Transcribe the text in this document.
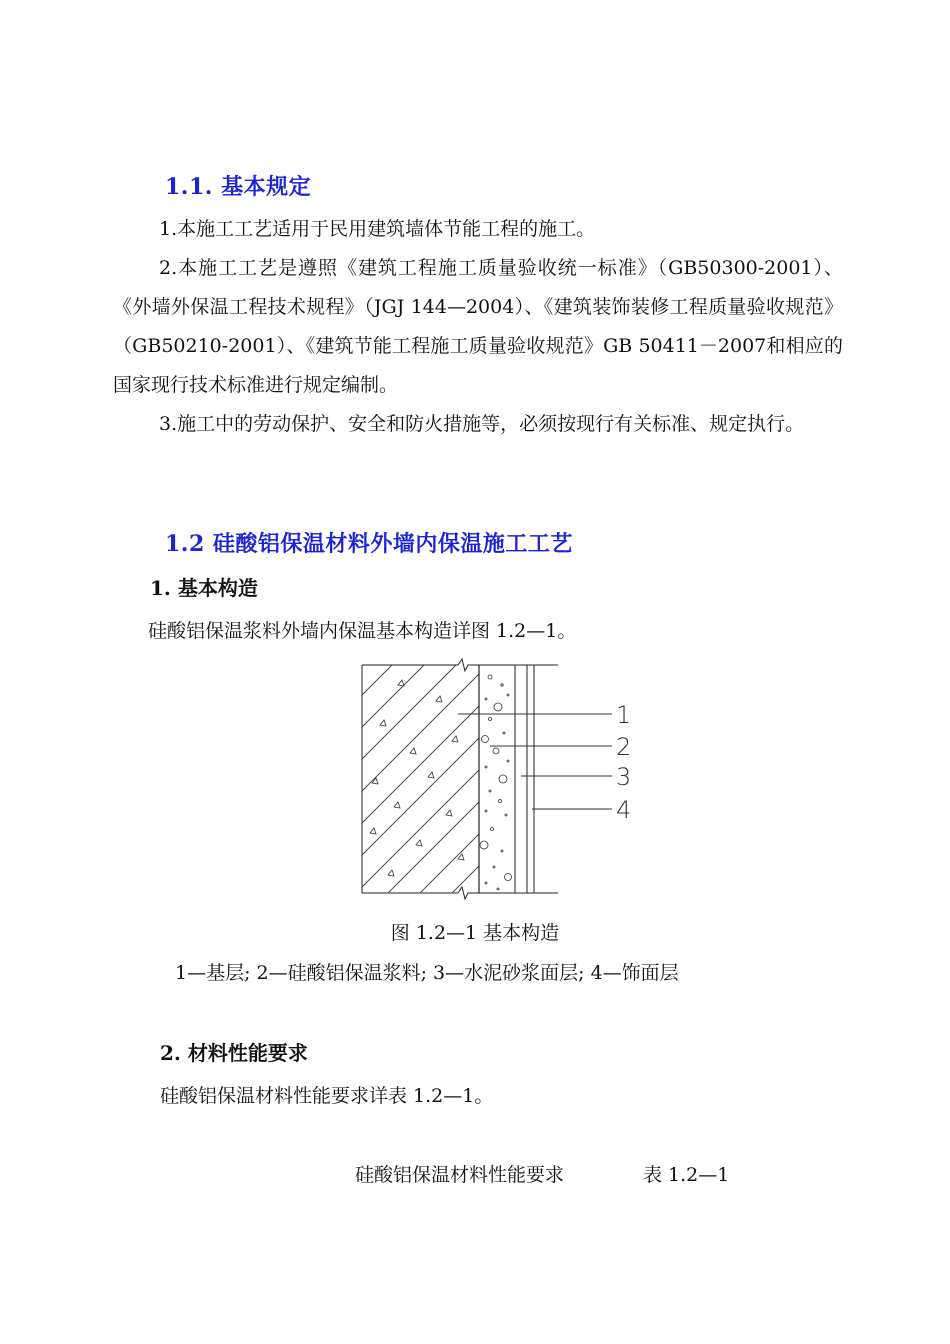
1.1. 基本规定
1.本施工工艺适用于民用建筑墙体节能工程的施工。
2.本施工工艺是遵照《建筑工程施工质量验收统一标准》（GB50300-2001）、《外墙外保温工程技术规程》（JGJ 144—2004）、《建筑装饰装修工程质量验收规范》（GB50210-2001）、《建筑节能工程施工质量验收规范》GB 50411－2007和相应的国家现行技术标准进行规定编制。
3.施工中的劳动保护、安全和防火措施等，必须按现行有关标准、规定执行。
1.2 硅酸铝保温材料外墙内保温施工工艺
1. 基本构造
硅酸铝保温浆料外墙内保温基本构造详图 1.2—1。
1
2
3
4
图 1.2—1 基本构造
1—基层; 2—硅酸铝保温浆料; 3—水泥砂浆面层; 4—饰面层
2. 材料性能要求
硅酸铝保温材料性能要求详表 1.2—1。
硅酸铝保温材料性能要求	表 1.2—1
